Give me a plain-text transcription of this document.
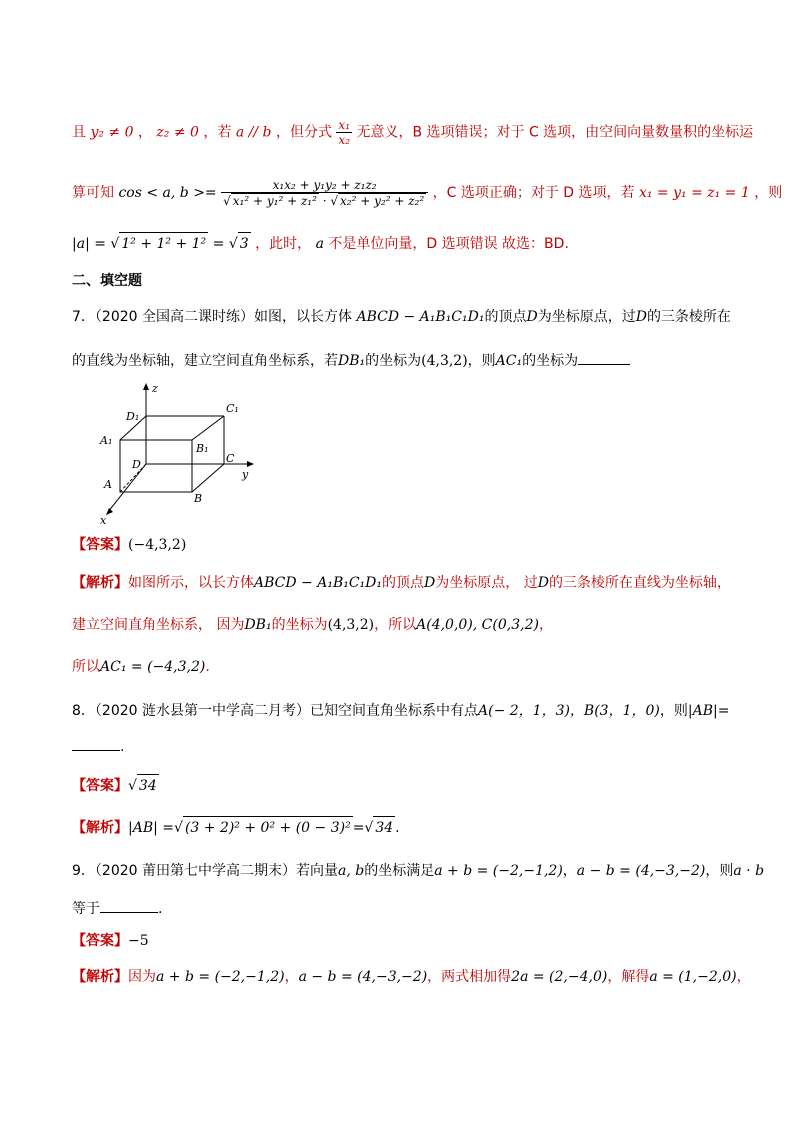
且 y₂ ≠ 0 ， z₂ ≠ 0 ，若 a // b ，但分式 $\frac{\text{x₁}}{\text{x₂}}$ 无意义，B 选项错误；对于 C 选项，由空间向量数量积的坐标运
算可知 cos < a, $b >= \frac{\text{x₁x₂ + y₁y₂ + z₁z₂}}{\text{√ x₁² + y₁² + z₁² · √ x₂² + y₂² + z₂²}}$ ，C 选项正确；对于 D 选项，若 x₁ = y₁ = z₁ = 1 ，则
|a| = √ 1² + 1² + 1² = √ 3 ，此时， a 不是单位向量，D 选项错误 故选：BD.
二、填空题
7．（2020 全国高二课时练）如图，以长方体 ABCD − A₁B₁C₁D₁的顶点D为坐标原点，过D的三条棱所在
的直线为坐标轴，建立空间直角坐标系，若DB₁的坐标为(4,3,2)，则AC₁的坐标为
z
D₁
C₁
A₁
B₁
D	C
y
A
B
x
【答案】(−4,3,2)
【解析】如图所示，以长方体ABCD − A₁B₁C₁D₁的顶点D为坐标原点， 过D的三条棱所在直线为坐标轴，
建立空间直角坐标系， 因为DB₁的坐标为(4,3,2)，所以A(4,0,0), C(0,3,2)，
所以AC₁ = (−4,3,2).
8．（2020 涟水县第一中学高二月考）已知空间直角坐标系中有点A(− 2，1，3)，B(3，1，0)，则|AB|=
.
【答案】√ 34
【解析】|AB| =√ (3 + 2)² + 0² + (0 − 3)² =√ 34 .
9．（2020 莆田第七中学高二期末）若向量a, b的坐标满足a + b = (−2,−1,2)，a − b = (4,−3,−2)，则a · b
等于	.
【答案】−5
【解析】因为a + b = (−2,−1,2)，a − b = (4,−3,−2)，两式相加得2a = (2,−4,0)，解得a = (1,−2,0)，
